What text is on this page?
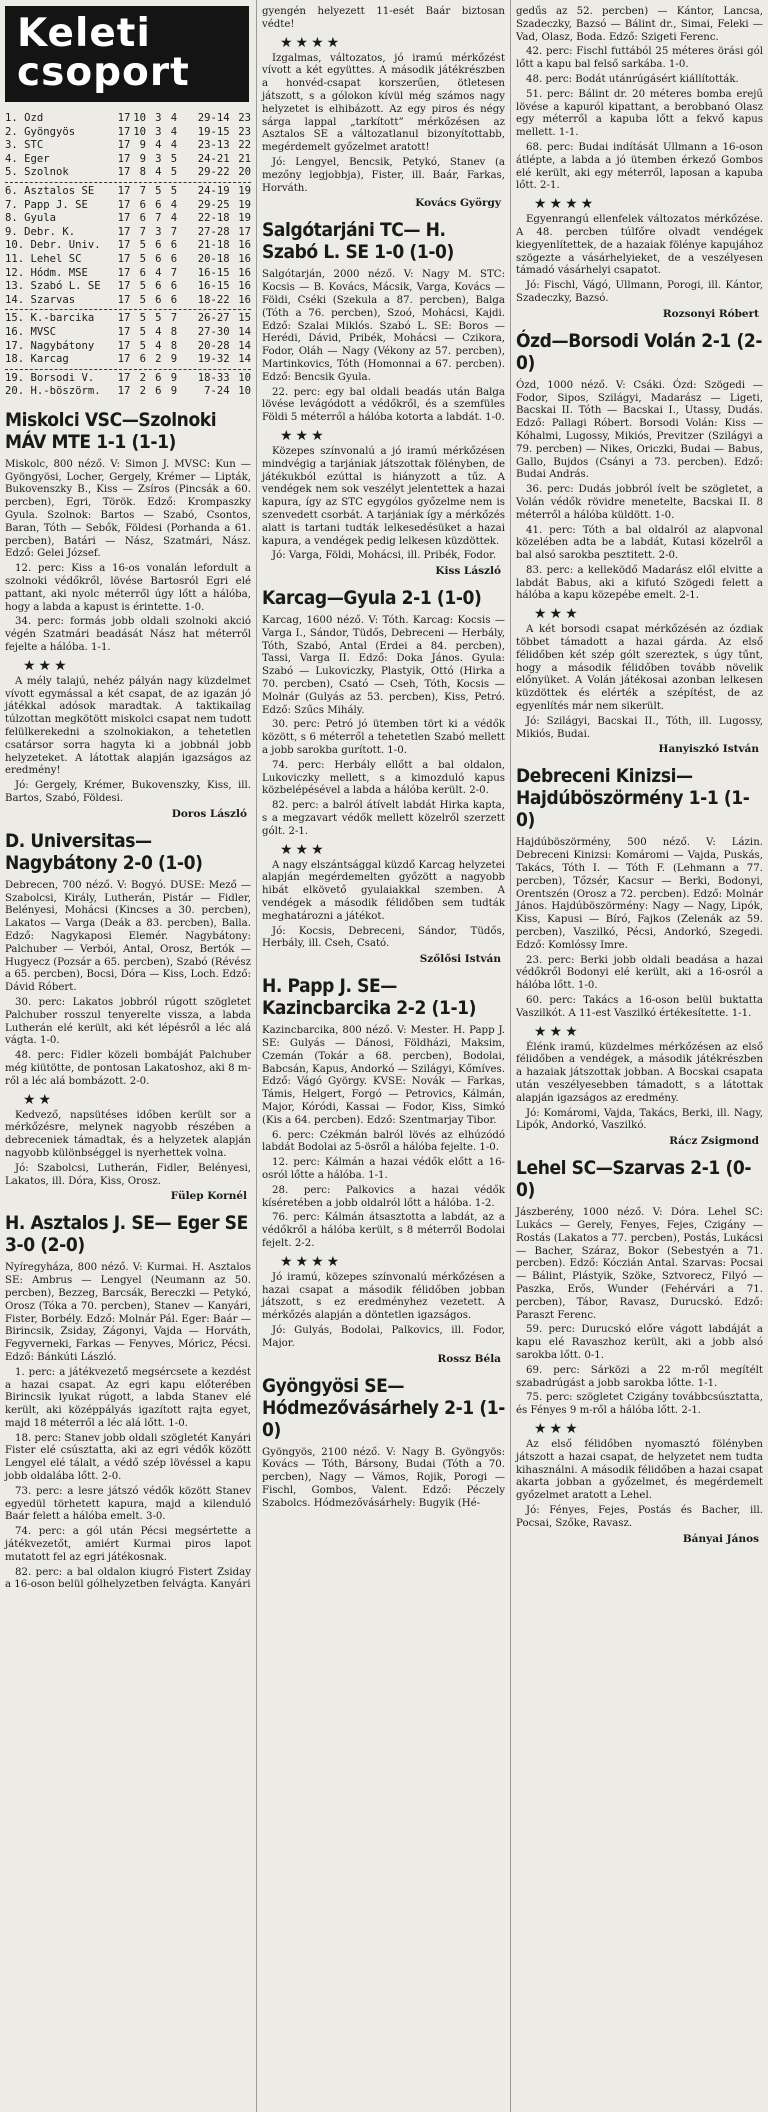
Keleti
csoport
1. Ózd	17 10 3 4	29-14 23
2. Gyöngyös	17 10 3 4	19-15 23
3. STC	17 9 4 4	23-13 22
4. Eger	17 9 3 5	24-21 21
5. Szolnok	17 8 4 5	29-22 20
6. Asztalos SE	17 7 5 5	24-19 19
7. Papp J. SE	17 6 6 4	29-25 19
8. Gyula	17 6 7 4	22-18 19
9. Debr. K.	17 7 3 7	27-28 17
10. Debr. Univ.	17 5 6 6	21-18 16
11. Lehel SC	17 5 6 6	20-18 16
12. Hódm. MSE	17 6 4 7	16-15 16
13. Szabó L. SE	17 5 6 6	16-15 16
14. Szarvas	17 5 6 6	18-22 16
15. K.-barcika	17 5 5 7	26-27 15
16. MVSC	17 5 4 8	27-30 14
17. Nagybátony	17 5 4 8	20-28 14
18. Karcag	17 6 2 9	19-32 14
19. Borsodi V.	17 2 6 9	18-33 10
20. H.-böszörm.	17 2 6 9	7-24 10
Miskolci VSC—Szolnoki MÁV MTE 1-1 (1-1)

Miskolc, 800 néző. V: Simon J. MVSC: Kun — Gyöngyösi, Locher, Gergely, Krémer — Lipták, Bukovenszky B., Kiss — Zsíros (Pincsák a 60. percben), Egri, Török. Edző: Krompaszky Gyula. Szolnok: Bartos — Szabó, Csontos, Baran, Tóth — Sebők, Földesi (Porhanda a 61. percben), Batári — Nász, Szatmári, Nász. Edző: Gelei József.

12. perc: Kiss a 16-os vonalán lefordult a szolnoki védőkről, lövése Bartosról Egri elé pattant, aki nyolc méterről úgy lőtt a hálóba, hogy a labda a kapust is érintette. 1-0.

34. perc: formás jobb oldali szolnoki akció végén Szatmári beadását Nász hat méterről fejelte a hálóba. 1-1.

★★★

A mély talajú, nehéz pályán nagy küzdelmet vívott egymással a két csapat, de az igazán jó játékkal adósok maradtak. A taktikailag túlzottan megkötött miskolci csapat nem tudott felülkerekedni a szolnokiakon, a tehetetlen csatársor sorra hagyta ki a jobbnál jobb helyzeteket. A látottak alapján igazságos az eredmény!

Jó: Gergely, Krémer, Bukovenszky, Kiss, ill. Bartos, Szabó, Földesi.

Doros László
D. Universitas— Nagybátony 2-0 (1-0)

Debrecen, 700 néző. V: Bogyó. DUSE: Mező — Szabolcsi, Király, Lutherán, Pistár — Fidler, Belényesi, Mohácsi (Kincses a 30. percben), Lakatos — Varga (Deák a 83. percben), Balla. Edző: Nagykaposi Elemér. Nagybátony: Palchuber — Verbói, Antal, Orosz, Bertók — Hugyecz (Pozsár a 65. percben), Szabó (Révész a 65. percben), Bocsi, Dóra — Kiss, Loch. Edző: Dávid Róbert.

30. perc: Lakatos jobbról rúgott szögletet Palchuber rosszul tenyerelte vissza, a labda Lutherán elé került, aki két lépésről a léc alá vágta. 1-0.

48. perc: Fidler közeli bombáját Palchuber még kiütötte, de pontosan Lakatoshoz, aki 8 m-ről a léc alá bombázott. 2-0.

★★

Kedvező, napsütéses időben került sor a mérkőzésre, melynek nagyobb részében a debreceniek támadtak, és a helyzetek alapján nagyobb különbséggel is nyerhettek volna.

Jó: Szabolcsi, Lutherán, Fidler, Belényesi, Lakatos, ill. Dóra, Kiss, Orosz.

Fülep Kornél
H. Asztalos J. SE— Eger SE 3-0 (2-0)

Nyíregyháza, 800 néző. V: Kurmai. H. Asztalos SE: Ambrus — Lengyel (Neumann az 50. percben), Bezzeg, Barcsák, Bereczki — Petykó, Orosz (Tóka a 70. percben), Stanev — Kanyári, Fister, Borbély. Edző: Molnár Pál. Eger: Baár — Birincsik, Zsiday, Zágonyi, Vajda — Horváth, Fegyverneki, Farkas — Fenyves, Móricz, Pécsi. Edző: Bánkúti László.

1. perc: a játékvezető megsércsete a kezdést a hazai csapat. Az egri kapu előterében Birincsik lyukat rúgott, a labda Stanev elé került, aki középpályás igazított rajta egyet, majd 18 méterről a léc alá lőtt. 1-0.

18. perc: Stanev jobb oldali szögletét Kanyári Fister elé csúsztatta, aki az egri védők között Lengyel elé tálalt, a védő szép lövéssel a kapu jobb oldalába lőtt. 2-0.

73. perc: a lesre játszó védők között Stanev egyedül törhetett kapura, majd a kilenduló Baár felett a hálóba emelt. 3-0.

74. perc: a gól után Pécsi megsértette a játékvezetőt, amiért Kurmai piros lapot mutatott fel az egri játékosnak.

82. perc: a bal oldalon kiugró Fistert Zsiday a 16-oson belül gólhelyzetben felvágta. Kanyári

gyengén helyezett 11-esét Baár biztosan védte!

★★★★

Izgalmas, változatos, jó iramú mérkőzést vívott a két együttes. A második játékrészben a honvéd-csapat korszerűen, ötletesen játszott, s a gólokon kívül még számos nagy helyzetet is elhibázott. Az egy piros és négy sárga lappal „tarkított” mérkőzésen az Asztalos SE a változatlanul bizonyítottabb, megérdemelt győzelmet aratott!

Jó: Lengyel, Bencsik, Petykó, Stanev (a mezőny legjobbja), Fister, ill. Baár, Farkas, Horváth.

Kovács György
Salgótarjáni TC— H. Szabó L. SE 1-0 (1-0)

Salgótarján, 2000 néző. V: Nagy M. STC: Kocsis — B. Kovács, Mácsik, Varga, Kovács — Földi, Cséki (Szekula a 87. percben), Balga (Tóth a 76. percben), Szoó, Mohácsi, Kajdi. Edző: Szalai Miklós. Szabó L. SE: Boros — Herédi, Dávid, Pribék, Mohácsi — Czikora, Fodor, Oláh — Nagy (Vékony az 57. percben), Martinkovics, Tóth (Homonnai a 67. percben). Edző: Bencsik Gyula.

22. perc: egy bal oldali beadás után Balga lövése levágódott a védőkről, és a szemfüles Földi 5 méterről a hálóba kotorta a labdát. 1-0.

★★★

Közepes színvonalú a jó iramú mérkőzésen mindvégig a tarjániak játszottak fölényben, de játékukból ezúttal is hiányzott a tűz. A vendégek nem sok veszélyt jelentettek a hazai kapura, így az STC egygólos győzelme nem is szenvedett csorbát. A tarjániak így a mérkőzés alatt is tartani tudták lelkesedésüket a hazai kapura, a vendégek pedig lelkesen küzdöttek.

Jó: Varga, Földi, Mohácsi, ill. Pribék, Fodor.

Kiss László
Karcag—Gyula 2-1 (1-0)

Karcag, 1600 néző. V: Tóth. Karcag: Kocsis — Varga I., Sándor, Tüdős, Debreceni — Herbály, Tóth, Szabó, Antal (Erdei a 84. percben), Tassi, Varga II. Edző: Doka János. Gyula: Szabó — Lukoviczky, Plastyik, Ottó (Hirka a 70. percben), Csató — Cseh, Tóth, Kocsis — Molnár (Gulyás az 53. percben), Kiss, Petró. Edző: Szűcs Mihály.

30. perc: Petró jó ütemben tört ki a védők között, s 6 méterről a tehetetlen Szabó mellett a jobb sarokba gurított. 1-0.

74. perc: Herbály ellőtt a bal oldalon, Lukoviczky mellett, s a kimozduló kapus közbelépésével a labda a hálóba került. 2-0.

82. perc: a balról átívelt labdát Hirka kapta, s a megzavart védők mellett közelről szerzett gólt. 2-1.

★★★

A nagy elszántsággal küzdő Karcag helyzetei alapján megérdemelten győzött a nagyobb hibát elkövető gyulaiakkal szemben. A vendégek a második félidőben sem tudták meghatározni a játékot.

Jó: Kocsis, Debreceni, Sándor, Tüdős, Herbály, ill. Cseh, Csató.

Szőlősi István
H. Papp J. SE— Kazincbarcika 2-2 (1-1)

Kazincbarcika, 800 néző. V: Mester. H. Papp J. SE: Gulyás — Dánosi, Földházi, Maksim, Czemán (Tokár a 68. percben), Bodolai, Babcsán, Kapus, Andorkó — Szilágyi, Kőmíves. Edző: Vágó György. KVSE: Novák — Farkas, Támis, Helgert, Forgó — Petrovics, Kálmán, Major, Kóródi, Kassai — Fodor, Kiss, Simkó (Kis a 64. percben). Edző: Szentmarjay Tibor.

6. perc: Czékmán balról lövés az elhúzódó labdát Bodolai az 5-ösről a hálóba fejelte. 1-0.

12. perc: Kálmán a hazai védők előtt a 16-osról lőtte a hálóba. 1-1.

28. perc: Palkovics a hazai védők kíséretében a jobb oldalról lőtt a hálóba. 1-2.

76. perc: Kálmán átsasztotta a labdát, az a védőkről a hálóba került, s 8 méterről Bodolai fejelt. 2-2.

★★★★

Jó iramú, közepes színvonalú mérkőzésen a hazai csapat a második félidőben jobban játszott, s ez eredményhez vezetett. A mérkőzés alapján a döntetlen igazságos.

Jó: Gulyás, Bodolai, Palkovics, ill. Fodor, Major.

Rossz Béla
Gyöngyösi SE— Hódmezővásárhely 2-1 (1-0)

Gyöngyös, 2100 néző. V: Nagy B. Gyöngyös: Kovács — Tóth, Bársony, Budai (Tóth a 70. percben), Nagy — Vámos, Rojik, Porogi — Fischl, Gombos, Valent. Edző: Péczely Szabolcs. Hódmezővásárhely: Bugyik (Hé-

gedűs az 52. percben) — Kántor, Lancsa, Szadeczky, Bazsó — Bálint dr., Simai, Feleki — Vad, Olasz, Boda. Edző: Szigeti Ferenc.

42. perc: Fischl futtából 25 méteres örási gól lőtt a kapu bal felső sarkába. 1-0.

48. perc: Bodát utánrúgásért kiállították.

51. perc: Bálint dr. 20 méteres bomba erejű lövése a kapuról kipattant, a berobbanó Olasz egy méterről a kapuba lőtt a fekvő kapus mellett. 1-1.

68. perc: Budai indítását Ullmann a 16-oson átlépte, a labda a jó ütemben érkező Gombos elé került, aki egy méterről, laposan a kapuba lőtt. 2-1.

★★★★

Egyenrangú ellenfelek változatos mérkőzése. A 48. percben túlfőre olvadt vendégek kiegyenlítettek, de a hazaiak fölénye kapujához szögezte a vásárhelyieket, de a veszélyesen támadó vásárhelyi csapatot.

Jó: Fischl, Vágó, Ullmann, Porogi, ill. Kántor, Szadeczky, Bazsó.

Rozsonyi Róbert
Ózd—Borsodi Volán 2-1 (2-0)

Ózd, 1000 néző. V: Csáki. Ózd: Szögedi — Fodor, Sipos, Szilágyi, Madarász — Ligeti, Bacskai II. Tóth — Bacskai I., Utassy, Dudás. Edző: Pallagi Róbert. Borsodi Volán: Kiss — Kóhalmi, Lugossy, Mikiós, Previtzer (Szilágyi a 79. percben) — Nikes, Oriczki, Budai — Babus, Gallo, Bujdos (Csányi a 73. percben). Edző: Budai András.

36. perc: Dudás jobbról ívelt be szögletet, a Volán védők rövidre menetelte, Bacskai II. 8 méterről a hálóba küldött. 1-0.

41. perc: Tóth a bal oldalról az alapvonal közelében adta be a labdát, Kutasi közelről a bal alsó sarokba pesztitett. 2-0.

83. perc: a kelleködő Madarász elől elvitte a labdát Babus, aki a kifutó Szögedi felett a hálóba a kapu közepébe emelt. 2-1.

★★★

A két borsodi csapat mérkőzésén az ózdiak többet támadott a hazai gárda. Az első félidőben két szép gólt szereztek, s úgy tűnt, hogy a második félidőben tovább növelik előnyüket. A Volán játékosai azonban lelkesen küzdöttek és elérték a szépítést, de az egyenlítés már nem sikerült.

Jó: Szilágyi, Bacskai II., Tóth, ill. Lugossy, Mikiós, Budai.

Hanyiszkó István
Debreceni Kinizsi— Hajdúböszörmény 1-1 (1-0)

Hajdúböszörmény, 500 néző. V: Lázin. Debreceni Kinizsi: Komáromi — Vajda, Puskás, Takács, Tóth I. — Tóth F. (Lehmann a 77. percben), Tőzsér, Kacsur — Berki, Bodonyi, Orentszén (Orosz a 72. percben). Edző: Molnár János. Hajdúböszörmény: Nagy — Nagy, Lipók, Kiss, Kapusi — Bíró, Fajkos (Zelenák az 59. percben), Vaszilkó, Pécsi, Andorkó, Szegedi. Edző: Komlóssy Imre.

23. perc: Berki jobb oldali beadása a hazai védőkről Bodonyi elé került, aki a 16-osról a hálóba lőtt. 1-0.

60. perc: Takács a 16-oson belül buktatta Vaszilkót. A 11-est Vaszilkó értékesítette. 1-1.

★★★

Élénk iramú, küzdelmes mérkőzésen az első félidőben a vendégek, a második játékrészben a hazaiak játszottak jobban. A Bocskai csapata után veszélyesebben támadott, s a látottak alapján igazságos az eredmény.

Jó: Komáromi, Vajda, Takács, Berki, ill. Nagy, Lipók, Andorkó, Vaszilkó.

Rácz Zsigmond
Lehel SC—Szarvas 2-1 (0-0)

Jászberény, 1000 néző. V: Dóra. Lehel SC: Lukács — Gerely, Fenyes, Fejes, Czigány — Rostás (Lakatos a 77. percben), Postás, Lukácsi — Bacher, Száraz, Bokor (Sebestyén a 71. percben). Edző: Kóczián Antal. Szarvas: Pocsai — Bálint, Plástyik, Szöke, Sztvorecz, Filyó — Paszka, Erős, Wunder (Fehérvári a 71. percben), Tábor, Ravasz, Durucskó. Edző: Paraszt Ferenc.

59. perc: Durucskó előre vágott labdáját a kapu elé Ravaszhoz került, aki a jobb alsó sarokba lőtt. 0-1.

69. perc: Sárközi a 22 m-ről megítélt szabadrúgást a jobb sarokba lőtte. 1-1.

75. perc: szögletet Czigány továbbcsúsztatta, és Fényes 9 m-ről a hálóba lőtt. 2-1.

★★★

Az első félidőben nyomasztó fölényben játszott a hazai csapat, de helyzetet nem tudta kihasználni. A második félidőben a hazai csapat akarta jobban a győzelmet, és megérdemelt győzelmet aratott a Lehel.

Jó: Fényes, Fejes, Postás és Bacher, ill. Pocsai, Szőke, Ravasz.

Bányai János
